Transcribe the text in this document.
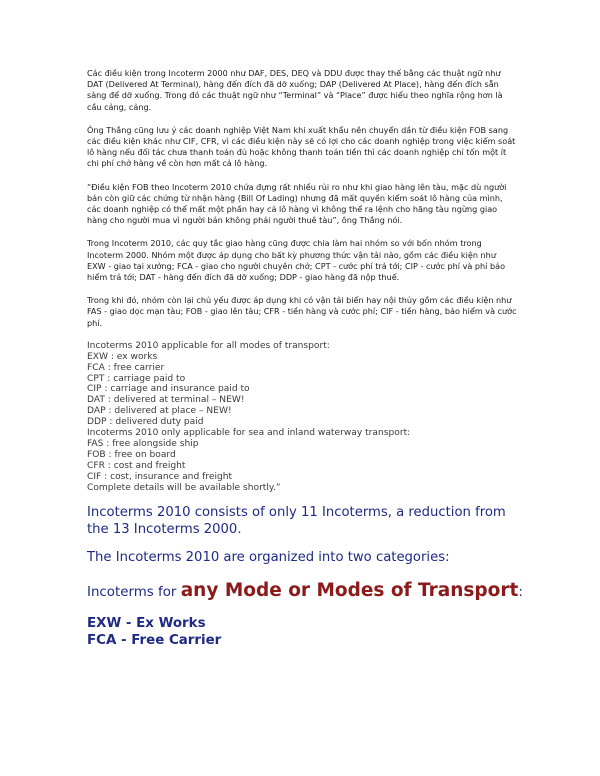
Các điều kiện trong Incoterm 2000 như DAF, DES, DEQ và DDU được thay thế bằng các thuật ngữ như DAT (Delivered At Terminal), hàng đến đích đã dỡ xuống; DAP (Delivered At Place), hàng đến đích sẵn sàng để dỡ xuống. Trong đó các thuật ngữ như “Terminal” và “Place” được hiểu theo nghĩa rộng hơn là cầu cảng, cảng.

Ông Thắng cũng lưu ý các doanh nghiệp Việt Nam khi xuất khẩu nên chuyển dần từ điều kiện FOB sang các điều kiện khác như CIF, CFR, vì các điều kiện này sẽ có lợi cho các doanh nghiệp trong việc kiểm soát lô hàng nếu đối tác chưa thanh toán đủ hoặc không thanh toán tiền thì các doanh nghiệp chỉ tốn một ít chi phí chở hàng về còn hơn mất cả lô hàng.

“Điều kiện FOB theo Incoterm 2010 chứa đựng rất nhiều rủi ro như khi giao hàng lên tàu, mặc dù người bán còn giữ các chứng từ nhận hàng (Bill Of Lading) nhưng đã mất quyền kiểm soát lô hàng của mình, các doanh nghiệp có thể mất một phần hay cả lô hàng vì không thể ra lệnh cho hãng tàu ngừng giao hàng cho người mua vì người bán không phải người thuê tàu”, ông Thắng nói.

Trong Incoterm 2010, các quy tắc giao hàng cũng được chia làm hai nhóm so với bốn nhóm trong Incoterm 2000. Nhóm một được áp dụng cho bất kỳ phương thức vận tải nào, gồm các điều kiện như EXW - giao tại xưởng; FCA - giao cho người chuyên chở; CPT - cước phí trả tới; CIP - cước phí và phí bảo hiểm trả tới; DAT - hàng đến đích đã dỡ xuống; DDP - giao hàng đã nộp thuế.

Trong khi đó, nhóm còn lại chủ yếu được áp dụng khi có vận tải biển hay nội thủy gồm các điều kiện như FAS - giao dọc mạn tàu; FOB - giao lên tàu; CFR - tiền hàng và cước phí; CIF - tiền hàng, bảo hiểm và cước phí.

Incoterms 2010 applicable for all modes of transport:
EXW : ex works
FCA : free carrier
CPT : carriage paid to
CIP : carriage and insurance paid to
DAT : delivered at terminal – NEW!
DAP : delivered at place – NEW!
DDP : delivered duty paid
Incoterms 2010 only applicable for sea and inland waterway transport:
FAS : free alongside ship
FOB : free on board
CFR : cost and freight
CIF : cost, insurance and freight
Complete details will be available shortly.”
Incoterms 2010 consists of only 11 Incoterms, a reduction from the 13 Incoterms 2000.
The Incoterms 2010 are organized into two categories:
Incoterms for any Mode or Modes of Transport:
EXW - Ex Works
FCA - Free Carrier
